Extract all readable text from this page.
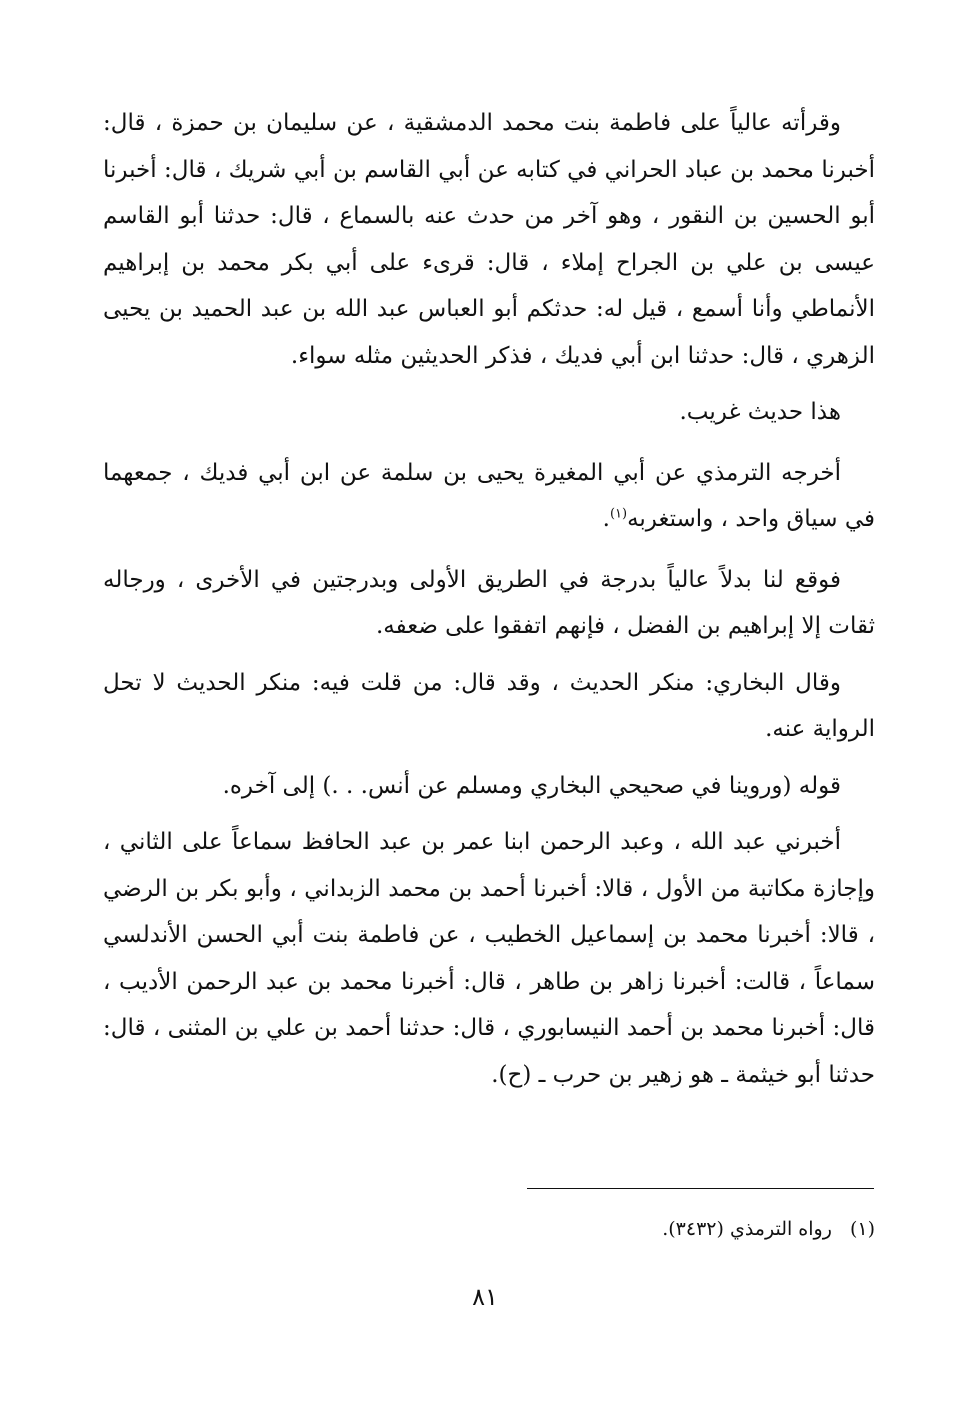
وقرأته عالياً على فاطمة بنت محمد الدمشقية ، عن سليمان بن حمزة ، قال: أخبرنا محمد بن عباد الحراني في كتابه عن أبي القاسم بن أبي شريك ، قال: أخبرنا أبو الحسين بن النقور ، وهو آخر من حدث عنه بالسماع ، قال: حدثنا أبو القاسم عيسى بن علي بن الجراح إملاء ، قال: قرىء على أبي بكر محمد بن إبراهيم الأنماطي وأنا أسمع ، قيل له: حدثكم أبو العباس عبد الله بن عبد الحميد بن يحيى الزهري ، قال: حدثنا ابن أبي فديك ، فذكر الحديثين مثله سواء.

هذا حديث غريب.

أخرجه الترمذي عن أبي المغيرة يحيى بن سلمة عن ابن أبي فديك ، جمعهما في سياق واحد ، واستغربه$^{(١)}$.

فوقع لنا بدلاً عالياً بدرجة في الطريق الأولى وبدرجتين في الأخرى ، ورجاله ثقات إلا إبراهيم بن الفضل ، فإنهم اتفقوا على ضعفه.

وقال البخاري: منكر الحديث ، وقد قال: من قلت فيه: منكر الحديث لا تحل الرواية عنه.

قوله (وروينا في صحيحي البخاري ومسلم عن أنس. . .) إلى آخره.

أخبرني عبد الله ، وعبد الرحمن ابنا عمر بن عبد الحافظ سماعاً على الثاني ، وإجازة مكاتبة من الأول ، قالا: أخبرنا أحمد بن محمد الزبداني ، وأبو بكر بن الرضي ، قالا: أخبرنا محمد بن إسماعيل الخطيب ، عن فاطمة بنت أبي الحسن الأندلسي سماعاً ، قالت: أخبرنا زاهر بن طاهر ، قال: أخبرنا محمد بن عبد الرحمن الأديب ، قال: أخبرنا محمد بن أحمد النيسابوري ، قال: حدثنا أحمد بن علي بن المثنى ، قال: حدثنا أبو خيثمة ـ هو زهير بن حرب ـ (ح).

(١) رواه الترمذي (٣٤٣٢).
٨١
